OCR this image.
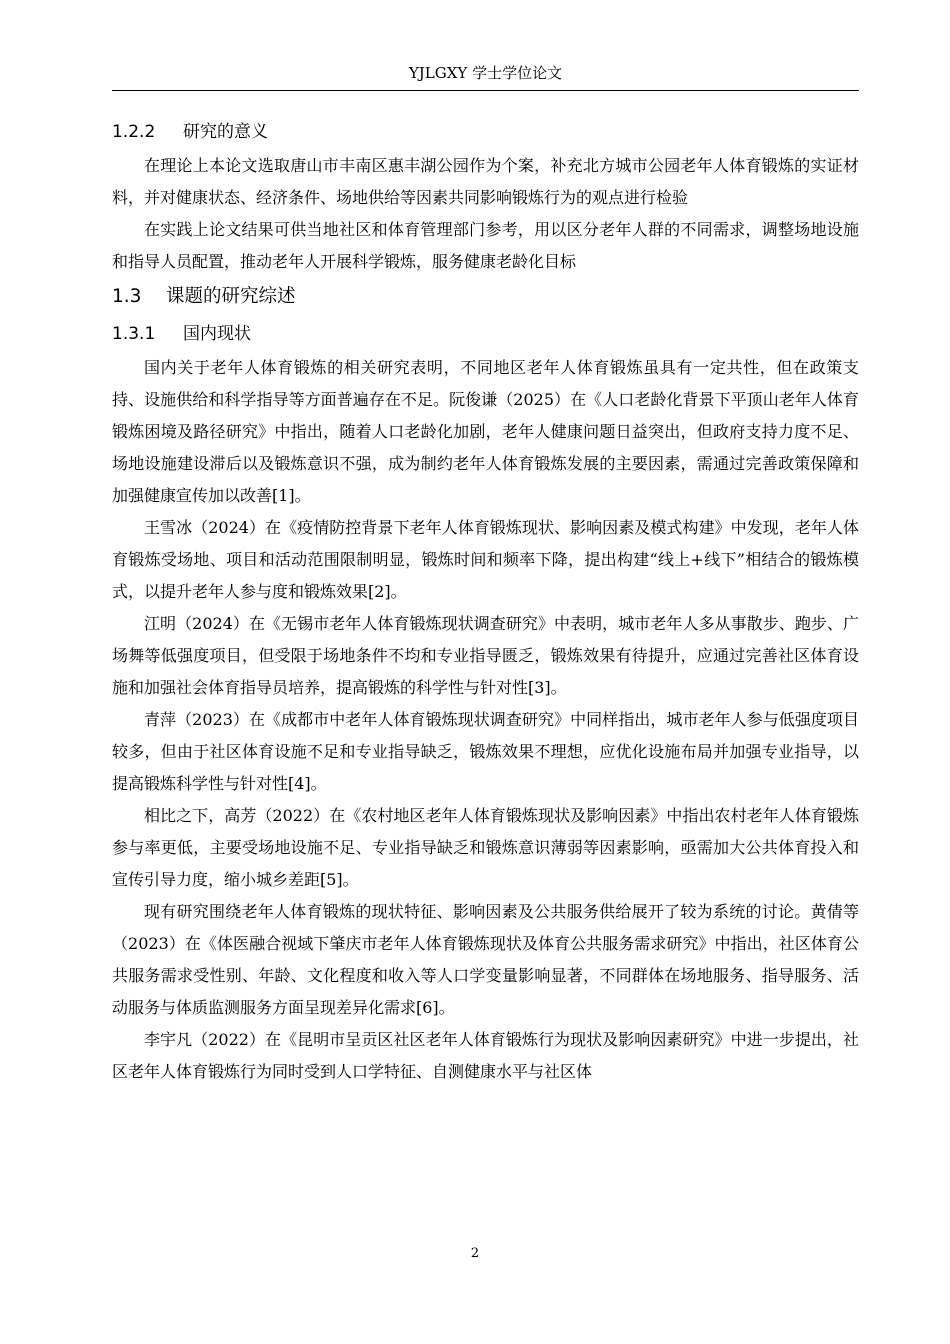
YJLGXY 学士学位论文
1.2.2 研究的意义

在理论上本论文选取唐山市丰南区惠丰湖公园作为个案，补充北方城市公园老年人体育锻炼的实证材料，并对健康状态、经济条件、场地供给等因素共同影响锻炼行为的观点进行检验

在实践上论文结果可供当地社区和体育管理部门参考，用以区分老年人群的不同需求，调整场地设施和指导人员配置，推动老年人开展科学锻炼，服务健康老龄化目标

1.3 课题的研究综述
1.3.1 国内现状

国内关于老年人体育锻炼的相关研究表明，不同地区老年人体育锻炼虽具有一定共性，但在政策支持、设施供给和科学指导等方面普遍存在不足。阮俊谦（2025）在《人口老龄化背景下平顶山老年人体育锻炼困境及路径研究》中指出，随着人口老龄化加剧，老年人健康问题日益突出，但政府支持力度不足、场地设施建设滞后以及锻炼意识不强，成为制约老年人体育锻炼发展的主要因素，需通过完善政策保障和加强健康宣传加以改善[1]。

王雪冰（2024）在《疫情防控背景下老年人体育锻炼现状、影响因素及模式构建》中发现，老年人体育锻炼受场地、项目和活动范围限制明显，锻炼时间和频率下降，提出构建“线上+线下”相结合的锻炼模式，以提升老年人参与度和锻炼效果[2]。

江明（2024）在《无锡市老年人体育锻炼现状调查研究》中表明，城市老年人多从事散步、跑步、广场舞等低强度项目，但受限于场地条件不均和专业指导匮乏，锻炼效果有待提升，应通过完善社区体育设施和加强社会体育指导员培养，提高锻炼的科学性与针对性[3]。

青萍（2023）在《成都市中老年人体育锻炼现状调查研究》中同样指出，城市老年人参与低强度项目较多，但由于社区体育设施不足和专业指导缺乏，锻炼效果不理想，应优化设施布局并加强专业指导，以提高锻炼科学性与针对性[4]。

相比之下，高芳（2022）在《农村地区老年人体育锻炼现状及影响因素》中指出农村老年人体育锻炼参与率更低，主要受场地设施不足、专业指导缺乏和锻炼意识薄弱等因素影响，亟需加大公共体育投入和宣传引导力度，缩小城乡差距[5]。

现有研究围绕老年人体育锻炼的现状特征、影响因素及公共服务供给展开了较为系统的讨论。黄倩等（2023）在《体医融合视域下肇庆市老年人体育锻炼现状及体育公共服务需求研究》中指出，社区体育公共服务需求受性别、年龄、文化程度和收入等人口学变量影响显著，不同群体在场地服务、指导服务、活动服务与体质监测服务方面呈现差异化需求[6]。

李宇凡（2022）在《昆明市呈贡区社区老年人体育锻炼行为现状及影响因素研究》中进一步提出，社区老年人体育锻炼行为同时受到人口学特征、自测健康水平与社区体

2
